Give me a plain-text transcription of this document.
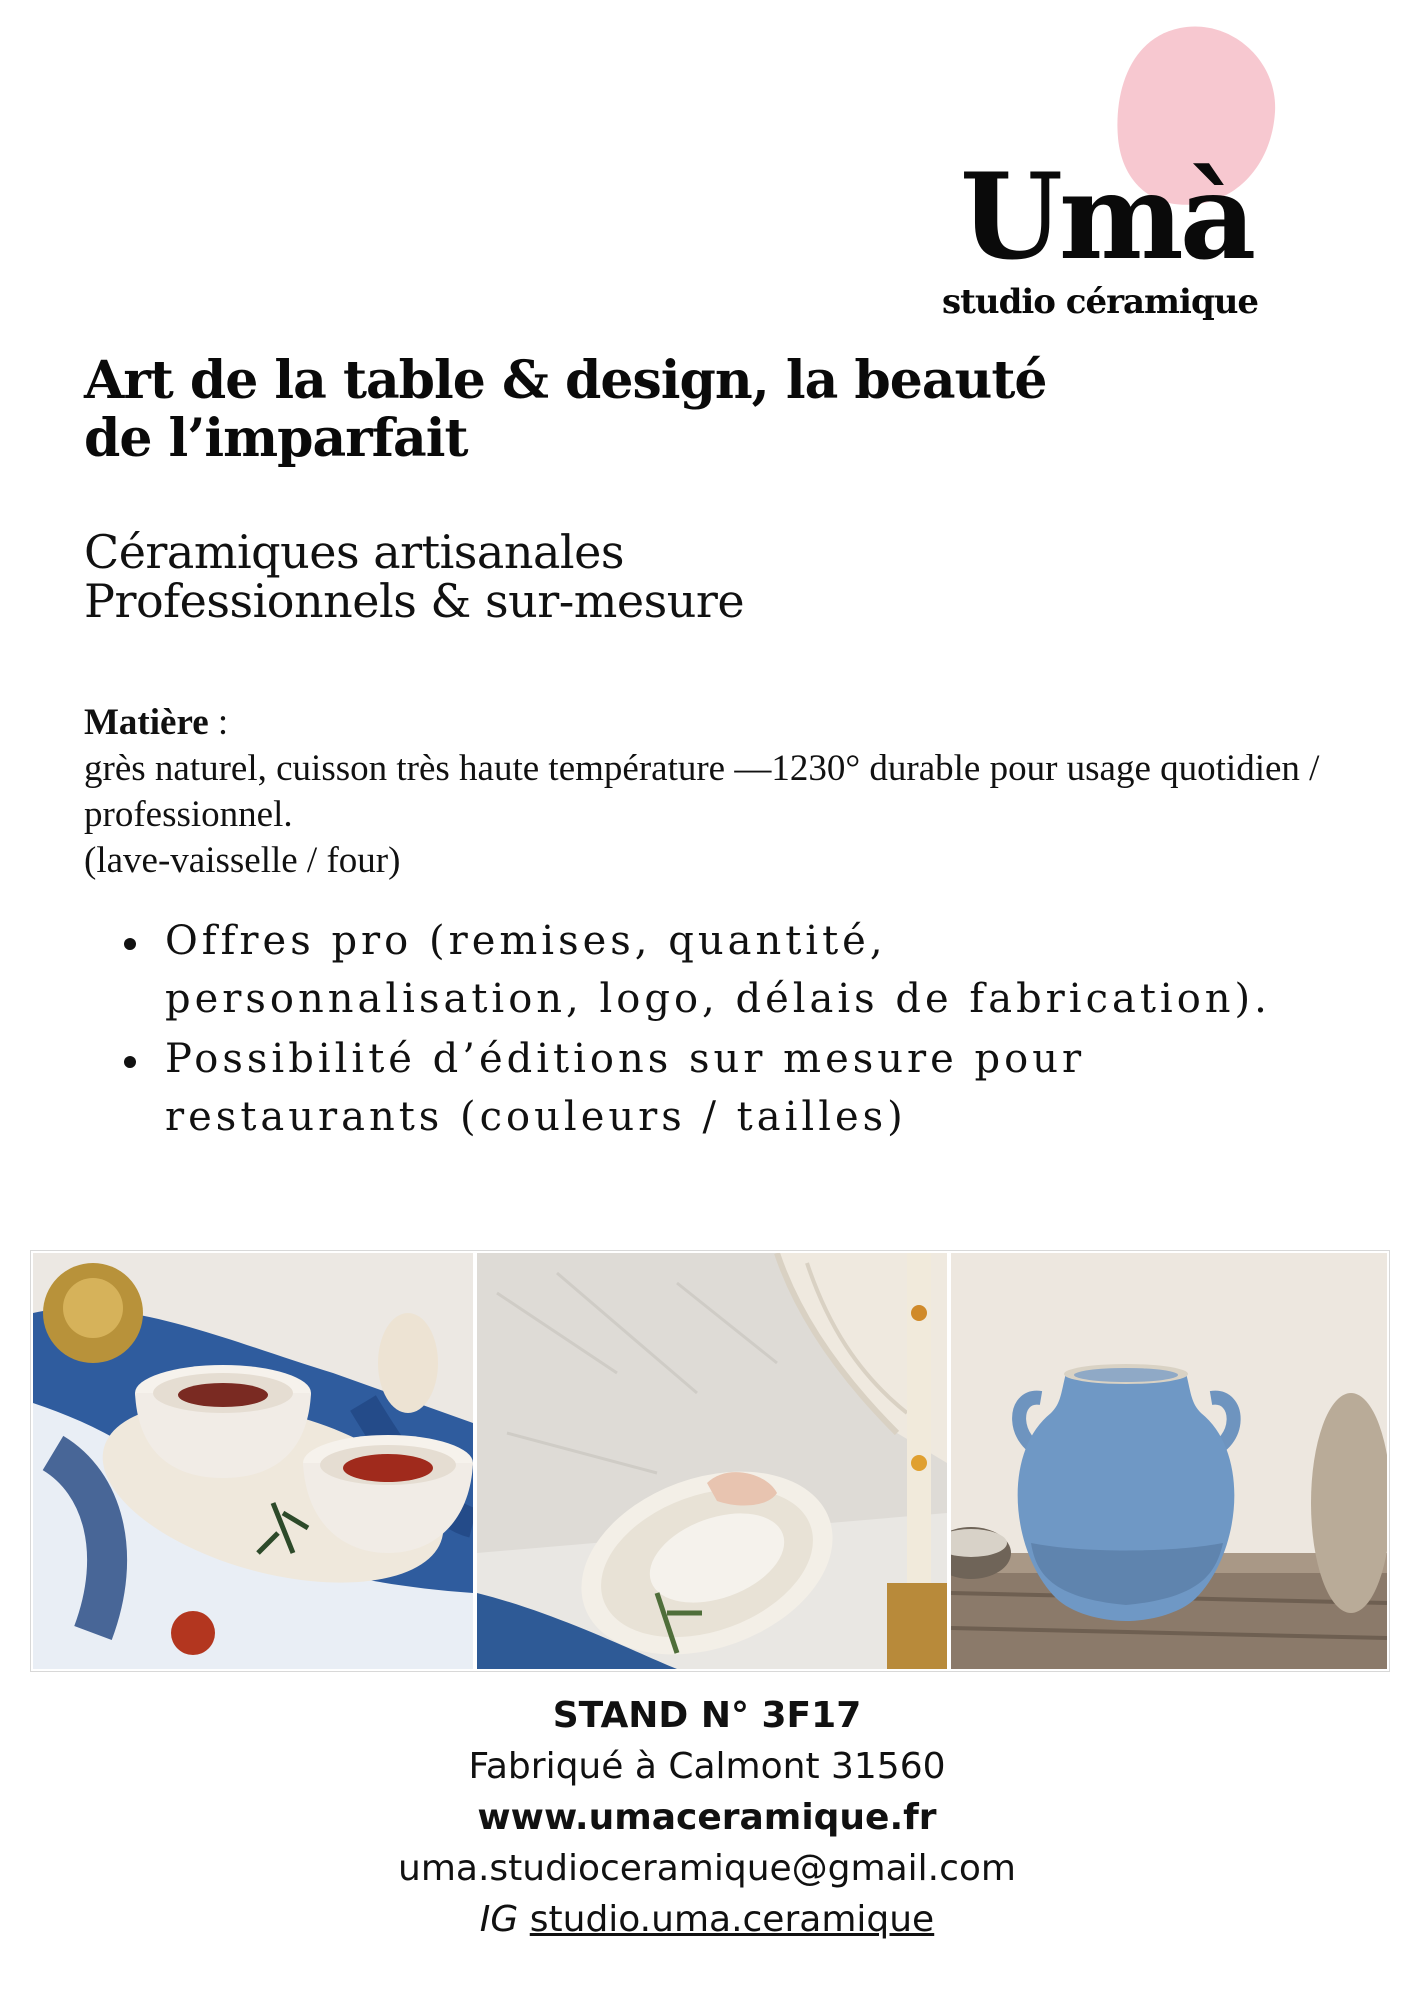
Umà
studio céramique
Art de la table & design, la beauté de l’imparfait
Céramiques artisanales
Professionnels & sur-mesure
Matière :
grès naturel, cuisson très haute température —1230° durable pour usage quotidien / professionnel.
(lave-vaisselle / four)
Offres pro (remises, quantité, personnalisation, logo, délais de fabrication).
Possibilité d’éditions sur mesure pour restaurants (couleurs / tailles)
STAND N° 3F17
Fabriqué à Calmont 31560
www.umaceramique.fr
uma.studioceramique@gmail.com
IG studio.uma.ceramique
